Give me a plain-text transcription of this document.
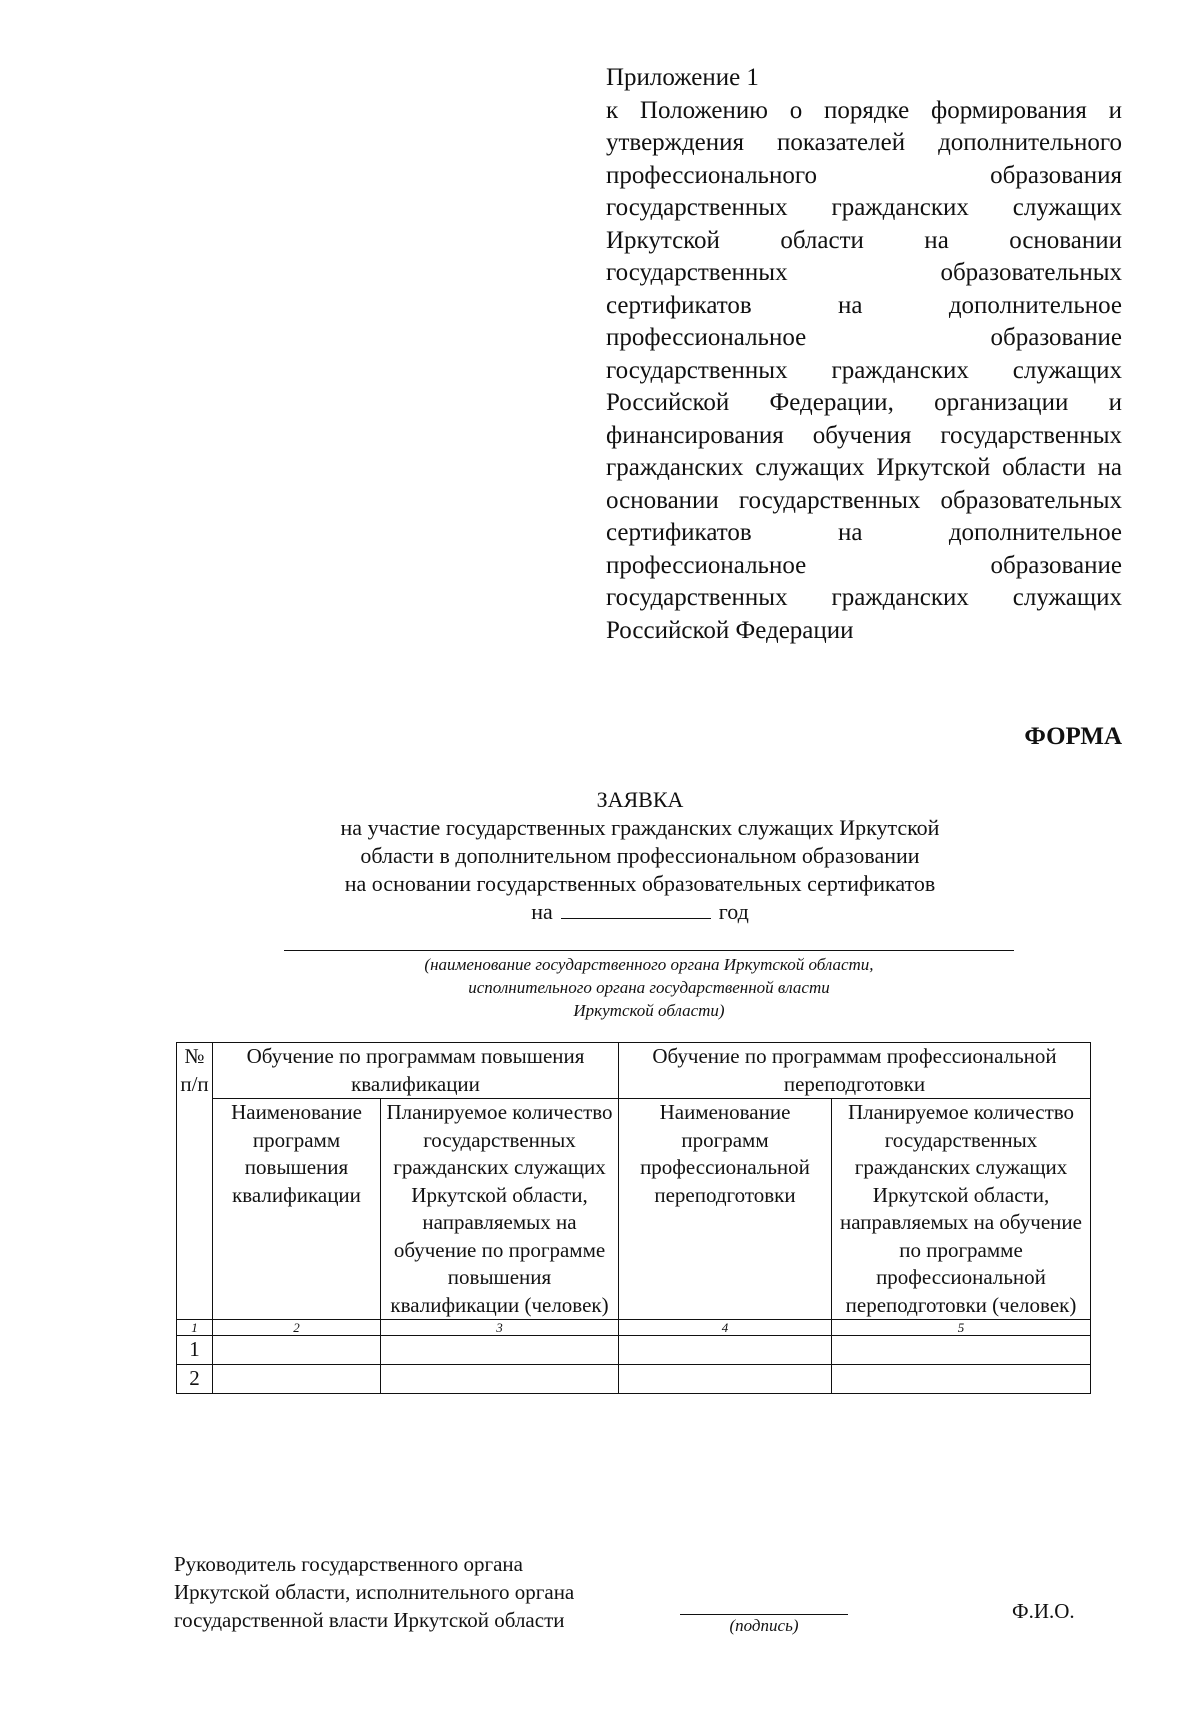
Приложение 1
к Положению о порядке формирования и утверждения показателей дополнительного профессионального образования государственных гражданских служащих Иркутской области на основании государственных образовательных сертификатов на дополнительное профессиональное образование государственных гражданских служащих Российской Федерации, организации и финансирования обучения государственных гражданских служащих Иркутской области на основании государственных образовательных сертификатов на дополнительное профессиональное образование государственных гражданских служащих Российской Федерации
ФОРМА
ЗАЯВКА
на участие государственных гражданских служащих Иркутской
области в дополнительном профессиональном образовании
на основании государственных образовательных сертификатов
на	год
(наименование государственного органа Иркутской области,
исполнительного органа государственной власти
Иркутской области)
№ п/п	Обучение по программам повышения квалификации		Обучение по программам профессиональной переподготовки	
	Наименование программ повышения квалификации	Планируемое количество государственных гражданских служащих Иркутской области, направляемых на обучение по программе повышения квалификации (человек)	Наименование программ профессиональной переподготовки	Планируемое количество государственных гражданских служащих Иркутской области, направляемых на обучение по программе профессиональной переподготовки (человек)
1	2	3	4	5
1				
2				
Руководитель государственного органа
Иркутской области, исполнительного органа
государственной власти Иркутской области	(подпись)
Ф.И.О.
